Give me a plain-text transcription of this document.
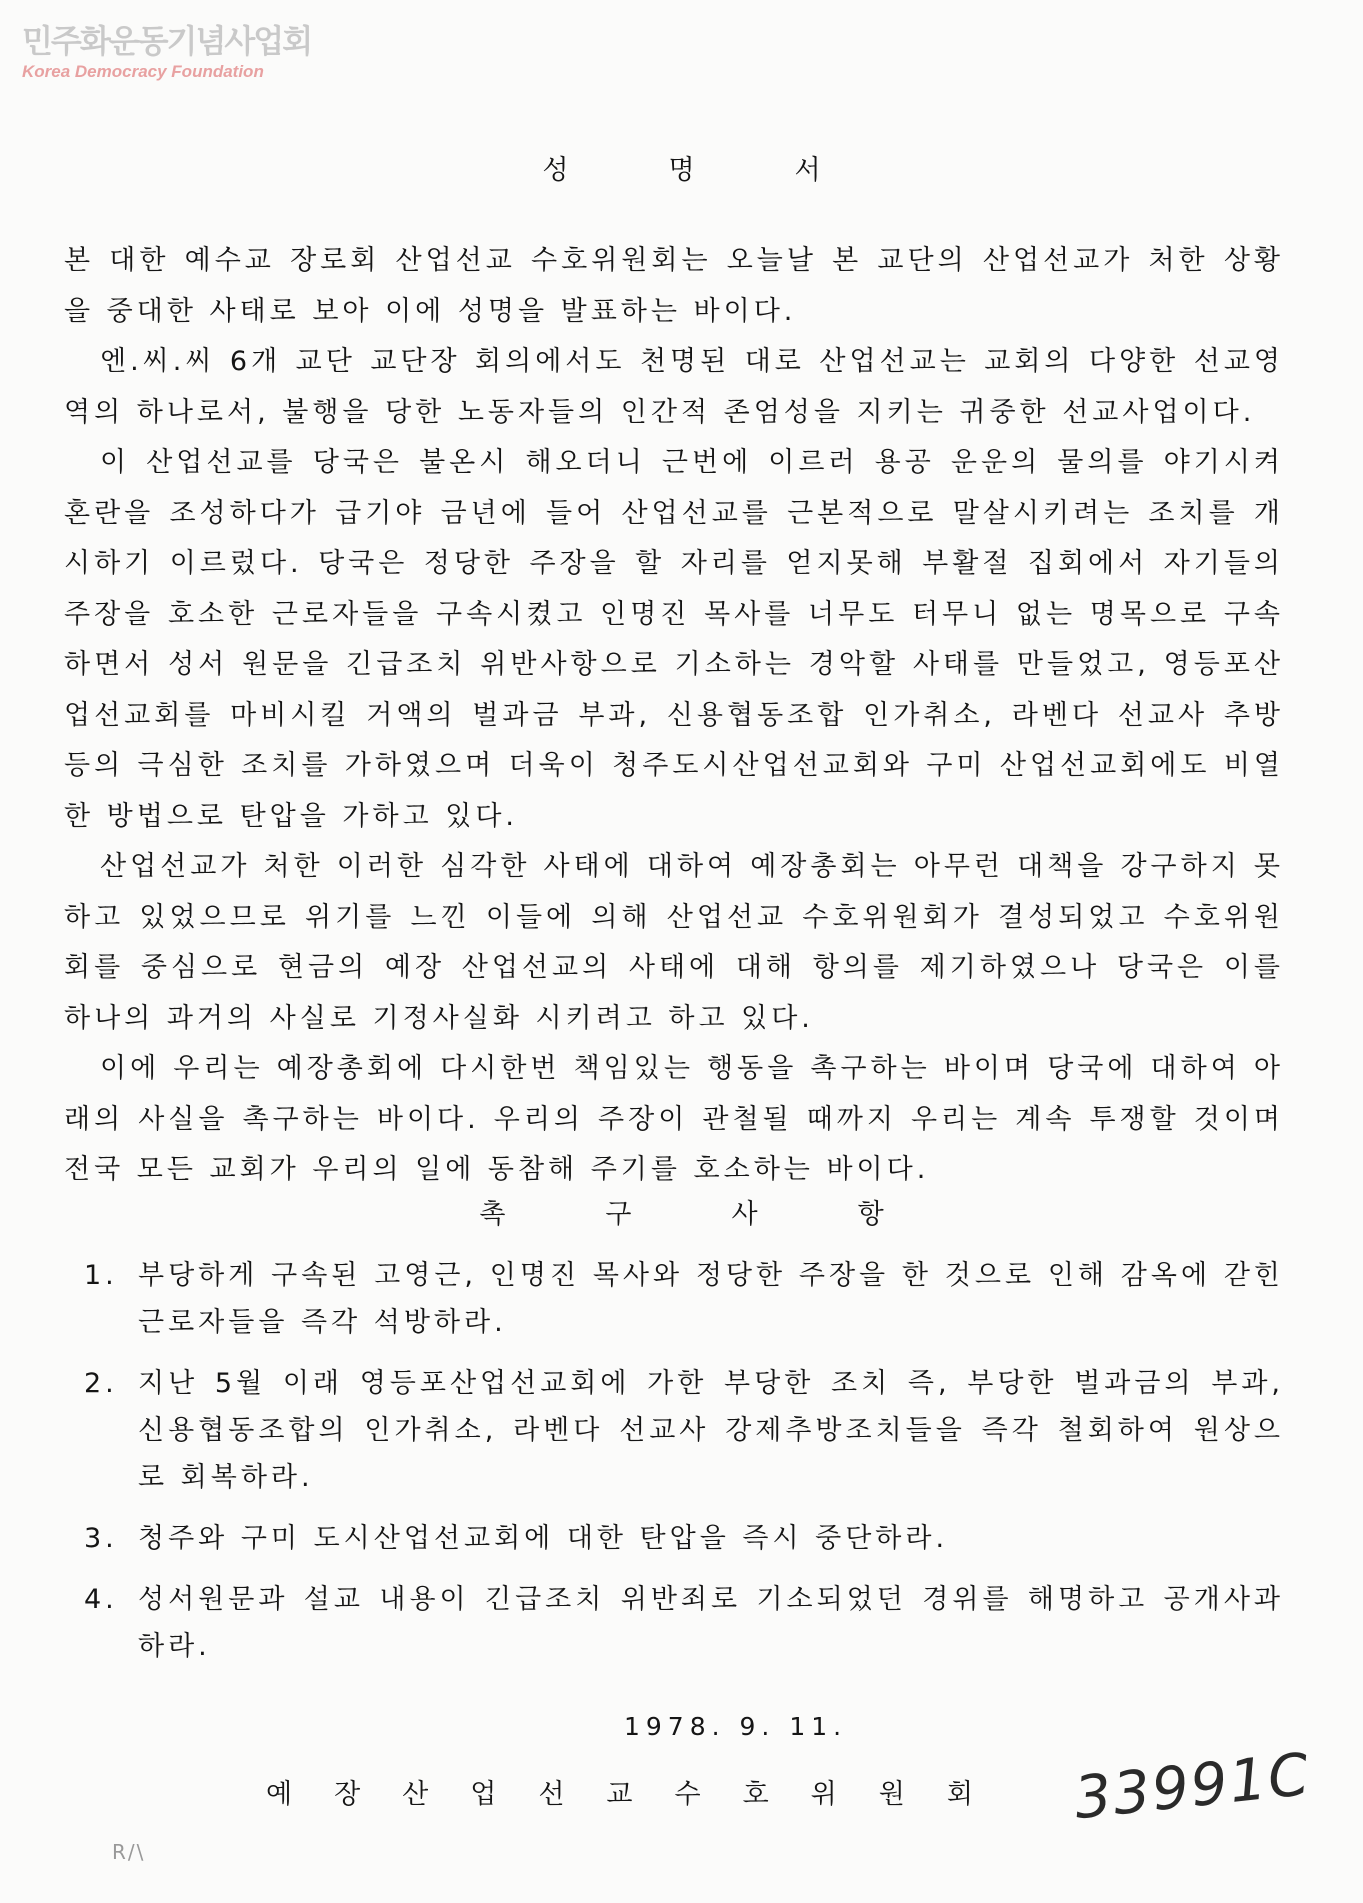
민주화운동기념사업회
Korea Democracy Foundation
성명서

본 대한 예수교 장로회 산업선교 수호위원회는 오늘날 본 교단의 산업선교가 처한 상황을 중대한 사태로 보아 이에 성명을 발표하는 바이다.

엔.씨.씨 6개 교단 교단장 회의에서도 천명된 대로 산업선교는 교회의 다양한 선교영역의 하나로서, 불행을 당한 노동자들의 인간적 존엄성을 지키는 귀중한 선교사업이다.

이 산업선교를 당국은 불온시 해오더니 근번에 이르러 용공 운운의 물의를 야기시켜 혼란을 조성하다가 급기야 금년에 들어 산업선교를 근본적으로 말살시키려는 조치를 개시하기 이르렀다. 당국은 정당한 주장을 할 자리를 얻지못해 부활절 집회에서 자기들의주장을 호소한 근로자들을 구속시켰고 인명진 목사를 너무도 터무니 없는 명목으로 구속하면서 성서 원문을 긴급조치 위반사항으로 기소하는 경악할 사태를 만들었고, 영등포산업선교회를 마비시킬 거액의 벌과금 부과, 신용협동조합 인가취소, 라벤다 선교사 추방등의 극심한 조치를 가하였으며 더욱이 청주도시산업선교회와 구미 산업선교회에도 비열한 방법으로 탄압을 가하고 있다.

산업선교가 처한 이러한 심각한 사태에 대하여 예장총회는 아무런 대책을 강구하지 못하고 있었으므로 위기를 느낀 이들에 의해 산업선교 수호위원회가 결성되었고 수호위원회를 중심으로 현금의 예장 산업선교의 사태에 대해 항의를 제기하였으나 당국은 이를 하나의 과거의 사실로 기정사실화 시키려고 하고 있다.

이에 우리는 예장총회에 다시한번 책임있는 행동을 촉구하는 바이며 당국에 대하여 아래의 사실을 촉구하는 바이다. 우리의 주장이 관철될 때까지 우리는 계속 투쟁할 것이며 전국 모든 교회가 우리의 일에 동참해 주기를 호소하는 바이다.

촉구사항
1. 부당하게 구속된 고영근, 인명진 목사와 정당한 주장을 한 것으로 인해 감옥에 갇힌 근로자들을 즉각 석방하라.
2. 지난 5월 이래 영등포산업선교회에 가한 부당한 조치 즉, 부당한 벌과금의 부과, 신용협동조합의 인가취소, 라벤다 선교사 강제추방조치들을 즉각 철회하여 원상으로 회복하라.
3. 청주와 구미 도시산업선교회에 대한 탄압을 즉시 중단하라.
4. 성서원문과 설교 내용이 긴급조치 위반죄로 기소되었던 경위를 해명하고 공개사과하라.
1978. 9. 11.
예장산업선교수호위원회 33991C
R/\
